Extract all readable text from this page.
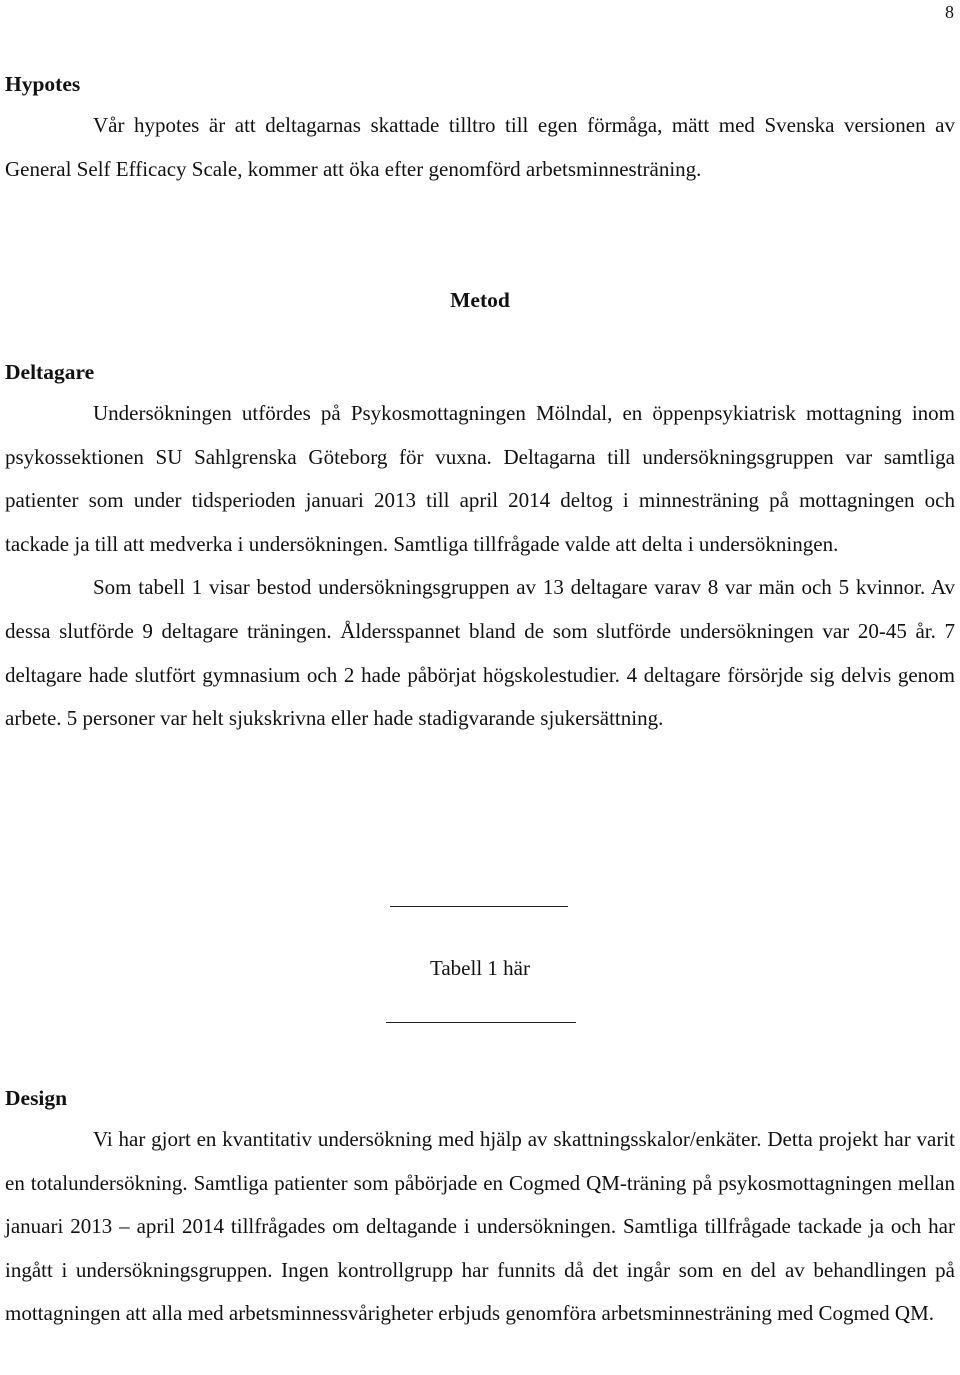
8
Hypotes

Vår hypotes är att deltagarnas skattade tilltro till egen förmåga, mätt med Svenska versionen av General Self Efficacy Scale, kommer att öka efter genomförd arbetsminnesträning.

Metod
Deltagare

Undersökningen utfördes på Psykosmottagningen Mölndal, en öppenpsykiatrisk mottagning inom psykossektionen SU Sahlgrenska Göteborg för vuxna. Deltagarna till undersökningsgruppen var samtliga patienter som under tidsperioden januari 2013 till april 2014 deltog i minnesträning på mottagningen och tackade ja till att medverka i undersökningen. Samtliga tillfrågade valde att delta i undersökningen.

Som tabell 1 visar bestod undersökningsgruppen av 13 deltagare varav 8 var män och 5 kvinnor. Av dessa slutförde 9 deltagare träningen. Åldersspannet bland de som slutförde undersökningen var 20-45 år. 7 deltagare hade slutfört gymnasium och 2 hade påbörjat högskolestudier. 4 deltagare försörjde sig delvis genom arbete. 5 personer var helt sjukskrivna eller hade stadigvarande sjukersättning.

Tabell 1 här
Design

Vi har gjort en kvantitativ undersökning med hjälp av skattningsskalor/enkäter. Detta projekt har varit en totalundersökning. Samtliga patienter som påbörjade en Cogmed QM-träning på psykosmottagningen mellan januari 2013 – april 2014 tillfrågades om deltagande i undersökningen. Samtliga tillfrågade tackade ja och har ingått i undersökningsgruppen. Ingen kontrollgrupp har funnits då det ingår som en del av behandlingen på mottagningen att alla med arbetsminnessvårigheter erbjuds genomföra arbetsminnesträning med Cogmed QM.
